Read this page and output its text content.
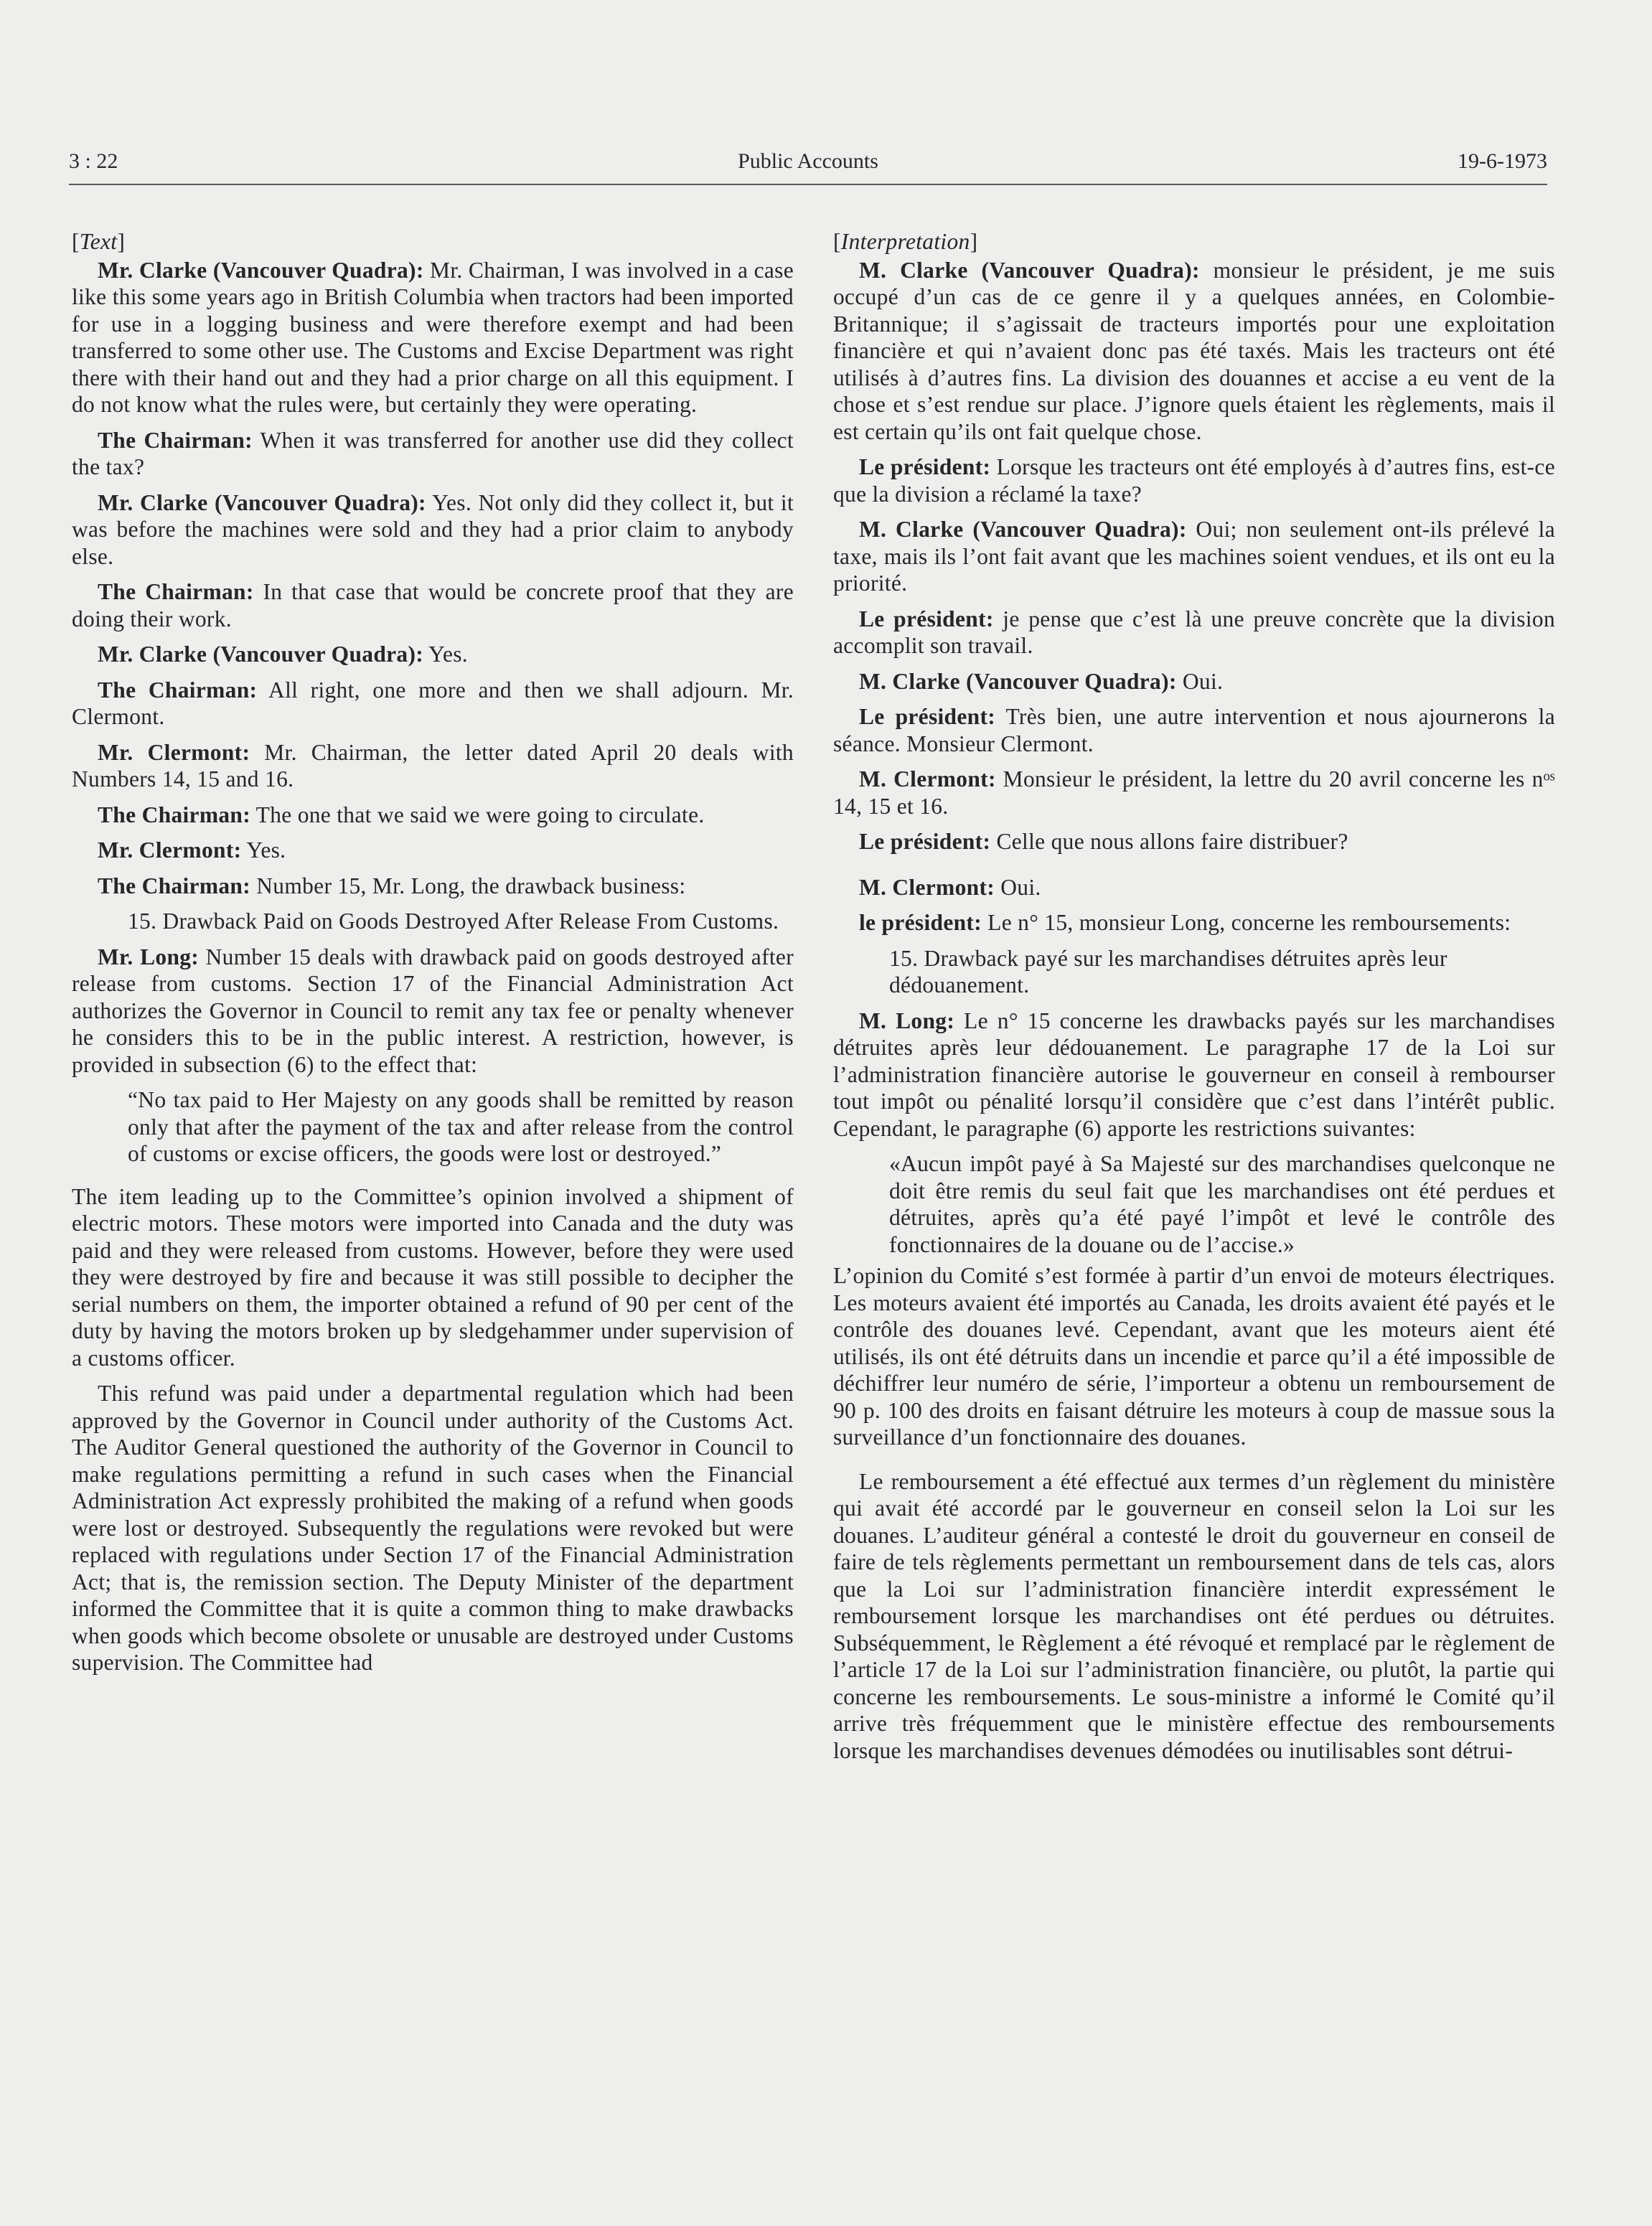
3 : 22	Public Accounts	19-6-1973

[Text]

Mr. Clarke (Vancouver Quadra): Mr. Chairman, I was involved in a case like this some years ago in British Columbia when tractors had been imported for use in a logging business and were therefore exempt and had been transferred to some other use. The Customs and Excise Department was right there with their hand out and they had a prior charge on all this equipment. I do not know what the rules were, but certainly they were operating.

The Chairman: When it was transferred for another use did they collect the tax?

Mr. Clarke (Vancouver Quadra): Yes. Not only did they collect it, but it was before the machines were sold and they had a prior claim to anybody else.

The Chairman: In that case that would be concrete proof that they are doing their work.

Mr. Clarke (Vancouver Quadra): Yes.

The Chairman: All right, one more and then we shall adjourn. Mr. Clermont.

Mr. Clermont: Mr. Chairman, the letter dated April 20 deals with Numbers 14, 15 and 16.

The Chairman: The one that we said we were going to circulate.

Mr. Clermont: Yes.

The Chairman: Number 15, Mr. Long, the drawback business:

15. Drawback Paid on Goods Destroyed After Release From Customs.

Mr. Long: Number 15 deals with drawback paid on goods destroyed after release from customs. Section 17 of the Financial Administration Act authorizes the Governor in Council to remit any tax fee or penalty whenever he considers this to be in the public interest. A restriction, however, is provided in subsection (6) to the effect that:

“No tax paid to Her Majesty on any goods shall be remitted by reason only that after the payment of the tax and after release from the control of customs or excise officers, the goods were lost or destroyed.”

The item leading up to the Committee’s opinion involved a shipment of electric motors. These motors were imported into Canada and the duty was paid and they were released from customs. However, before they were used they were destroyed by fire and because it was still possible to decipher the serial numbers on them, the importer obtained a refund of 90 per cent of the duty by having the motors broken up by sledgehammer under supervision of a customs officer.

This refund was paid under a departmental regulation which had been approved by the Governor in Council under authority of the Customs Act. The Auditor General questioned the authority of the Governor in Council to make regulations permitting a refund in such cases when the Financial Administration Act expressly prohibited the making of a refund when goods were lost or destroyed. Subsequently the regulations were revoked but were replaced with regulations under Section 17 of the Financial Administration Act; that is, the remission section. The Deputy Minister of the department informed the Committee that it is quite a common thing to make drawbacks when goods which become obsolete or unusable are destroyed under Customs supervision. The Committee had

[Interpretation]

M. Clarke (Vancouver Quadra): monsieur le président, je me suis occupé d’un cas de ce genre il y a quelques années, en Colombie-Britannique; il s’agissait de tracteurs importés pour une exploitation financière et qui n’avaient donc pas été taxés. Mais les tracteurs ont été utilisés à d’autres fins. La division des douannes et accise a eu vent de la chose et s’est rendue sur place. J’ignore quels étaient les règlements, mais il est certain qu’ils ont fait quelque chose.

Le président: Lorsque les tracteurs ont été employés à d’autres fins, est-ce que la division a réclamé la taxe?

M. Clarke (Vancouver Quadra): Oui; non seulement ont-ils prélevé la taxe, mais ils l’ont fait avant que les machines soient vendues, et ils ont eu la priorité.

Le président: je pense que c’est là une preuve concrète que la division accomplit son travail.

M. Clarke (Vancouver Quadra): Oui.

Le président: Très bien, une autre intervention et nous ajournerons la séance. Monsieur Clermont.

M. Clermont: Monsieur le président, la lettre du 20 avril concerne les nᵒˢ 14, 15 et 16.

Le président: Celle que nous allons faire distribuer?

M. Clermont: Oui.

le président: Le n° 15, monsieur Long, concerne les remboursements:

15. Drawback payé sur les marchandises détruites après leur dédouanement.

M. Long: Le n° 15 concerne les drawbacks payés sur les marchandises détruites après leur dédouanement. Le paragraphe 17 de la Loi sur l’administration financière autorise le gouverneur en conseil à rembourser tout impôt ou pénalité lorsqu’il considère que c’est dans l’intérêt public. Cependant, le paragraphe (6) apporte les restrictions suivantes:

«Aucun impôt payé à Sa Majesté sur des marchandises quelconque ne doit être remis du seul fait que les marchandises ont été perdues et détruites, après qu’a été payé l’impôt et levé le contrôle des fonctionnaires de la douane ou de l’accise.»

L’opinion du Comité s’est formée à partir d’un envoi de moteurs électriques. Les moteurs avaient été importés au Canada, les droits avaient été payés et le contrôle des douanes levé. Cependant, avant que les moteurs aient été utilisés, ils ont été détruits dans un incendie et parce qu’il a été impossible de déchiffrer leur numéro de série, l’importeur a obtenu un remboursement de 90 p. 100 des droits en faisant détruire les moteurs à coup de massue sous la surveillance d’un fonctionnaire des douanes.

Le remboursement a été effectué aux termes d’un règlement du ministère qui avait été accordé par le gouverneur en conseil selon la Loi sur les douanes. L’auditeur général a contesté le droit du gouverneur en conseil de faire de tels règlements permettant un remboursement dans de tels cas, alors que la Loi sur l’administration financière interdit expressément le remboursement lorsque les marchandises ont été perdues ou détruites. Subséquemment, le Règlement a été révoqué et remplacé par le règlement de l’article 17 de la Loi sur l’administration financière, ou plutôt, la partie qui concerne les remboursements. Le sous-ministre a informé le Comité qu’il arrive très fréquemment que le ministère effectue des remboursements lorsque les marchandises devenues démodées ou inutilisables sont détrui-
